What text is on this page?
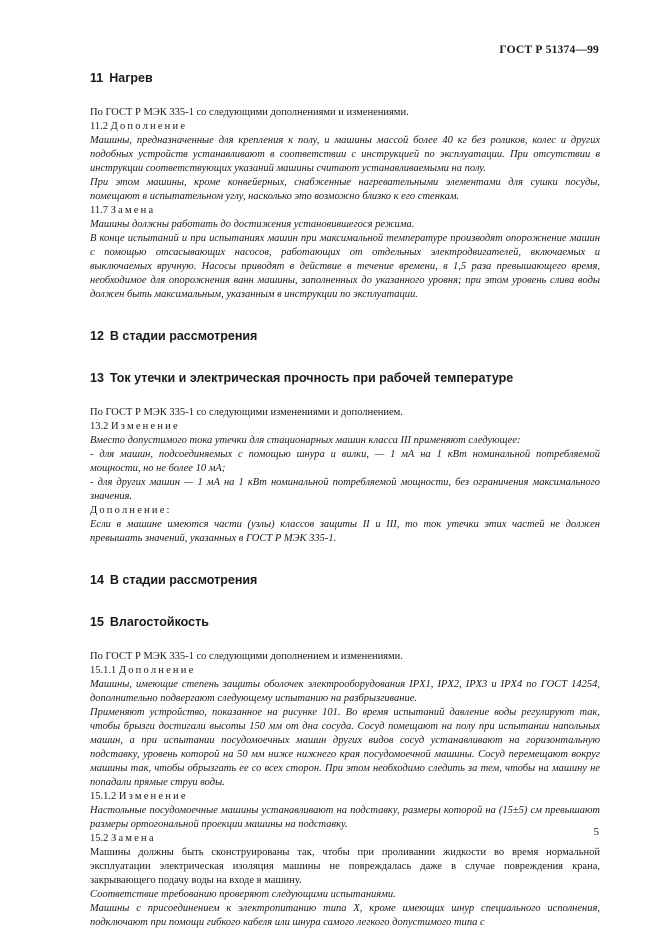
ГОСТ Р 51374—99
11 Нагрев

По ГОСТ Р МЭК 335-1 со следующими дополнениями и изменениями.

11.2 Дополнение

Машины, предназначенные для крепления к полу, и машины массой более 40 кг без роликов, колес и других подобных устройств устанавливают в соответствии с инструкцией по эксплуатации. При отсутствии в инструкции соответствующих указаний машины считают устанавливаемыми на полу.

При этом машины, кроме конвейерных, снабженные нагревательными элементами для сушки посуды, помещают в испытательном углу, насколько это возможно близко к его стенкам.

11.7 Замена

Машины должны работать до достижения установившегося режима.

В конце испытаний и при испытаниях машин при максимальной температуре производят опорожнение машин с помощью отсасывающих насосов, работающих от отдельных электродвигателей, включаемых и выключаемых вручную. Насосы приводят в действие в течение времени, в 1,5 раза превышающего время, необходимое для опорожнения ванн машины, заполненных до указанного уровня; при этом уровень слива воды должен быть максимальным, указанным в инструкции по эксплуатации.

12 В стадии рассмотрения
13 Ток утечки и электрическая прочность при рабочей температуре

По ГОСТ Р МЭК 335-1 со следующими изменениями и дополнением.

13.2 Изменение

Вместо допустимого тока утечки для стационарных машин класса III применяют следующее:

- для машин, подсоединяемых с помощью шнура и вилки, — 1 мА на 1 кВт номинальной потребляемой мощности, но не более 10 мА;

- для других машин — 1 мА на 1 кВт номинальной потребляемой мощности, без ограничения максимального значения.

Дополнение:

Если в машине имеются части (узлы) классов защиты II и III, то ток утечки этих частей не должен превышать значений, указанных в ГОСТ Р МЭК 335-1.

14 В стадии рассмотрения
15 Влагостойкость

По ГОСТ Р МЭК 335-1 со следующими дополнением и изменениями.

15.1.1 Дополнение

Машины, имеющие степень защиты оболочек электрооборудования IPX1, IPX2, IPX3 и IPX4 по ГОСТ 14254, дополнительно подвергают следующему испытанию на разбрызгивание.

Применяют устройство, показанное на рисунке 101. Во время испытаний давление воды регулируют так, чтобы брызги достигали высоты 150 мм от дна сосуда. Сосуд помещают на полу при испытании напольных машин, а при испытании посудомоечных машин других видов сосуд устанавливают на горизонтальную подставку, уровень которой на 50 мм ниже нижнего края посудомоечной машины. Сосуд перемещают вокруг машины так, чтобы обрызгать ее со всех сторон. При этом необходимо следить за тем, чтобы на машину не попадали прямые струи воды.

15.1.2 Изменение

Настольные посудомоечные машины устанавливают на подставку, размеры которой на (15±5) см превышают размеры ортогональной проекции машины на подставку.

15.2 Замена

Машины должны быть сконструированы так, чтобы при проливании жидкости во время нормальной эксплуатации электрическая изоляция машины не повреждалась даже в случае повреждения крана, закрывающего подачу воды на входе в машину.

Соответствие требованию проверяют следующими испытаниями.

Машины с присоединением к электропитанию типа X, кроме имеющих шнур специального исполнения, подключают при помощи гибкого кабеля или шнура самого легкого допустимого типа с

5
